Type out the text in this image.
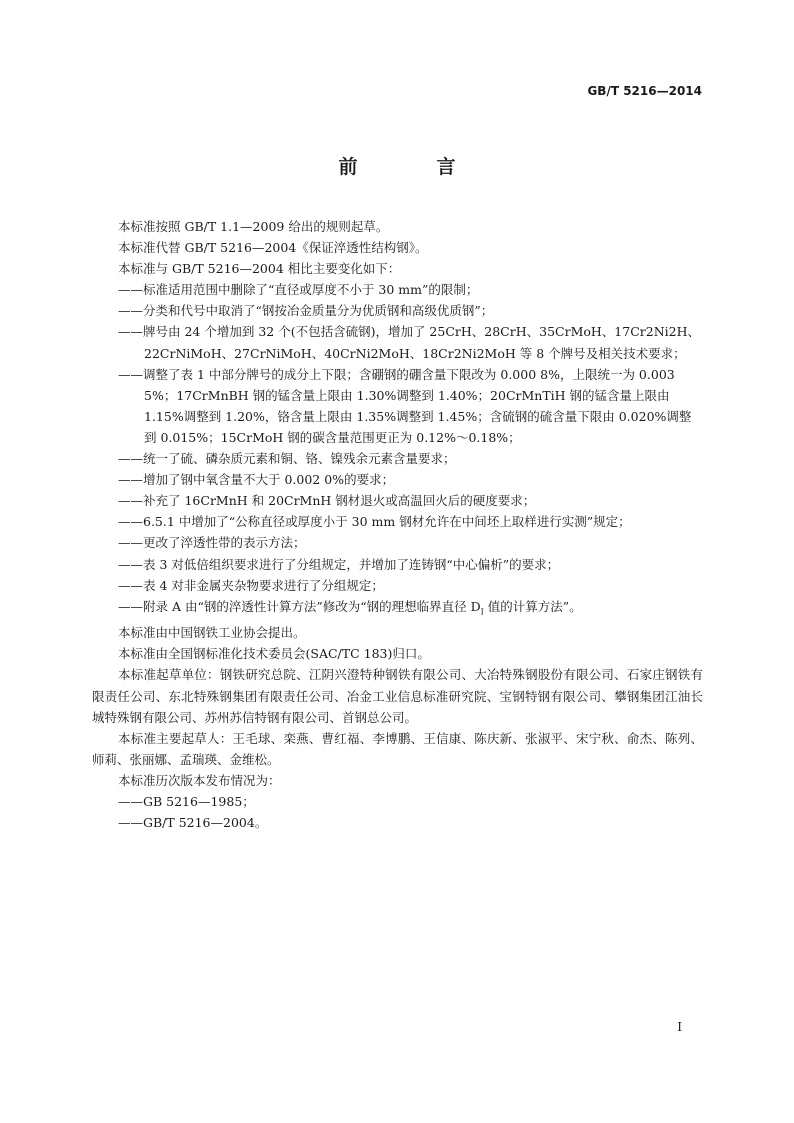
GB/T 5216—2014
前　言

本标准按照 GB/T 1.1—2009 给出的规则起草。

本标准代替 GB/T 5216—2004《保证淬透性结构钢》。

本标准与 GB/T 5216—2004 相比主要变化如下：

——标准适用范围中删除了“直径或厚度不小于 30 mm”的限制；

——分类和代号中取消了“钢按冶金质量分为优质钢和高级优质钢”；

——牌号由 24 个增加到 32 个(不包括含硫钢)，增加了 25CrH、28CrH、35CrMoH、17Cr2Ni2H、22CrNiMoH、27CrNiMoH、40CrNi2MoH、18Cr2Ni2MoH 等 8 个牌号及相关技术要求；

——调整了表 1 中部分牌号的成分上下限；含硼钢的硼含量下限改为 0.000 8%，上限统一为 0.003 5%；17CrMnBH 钢的锰含量上限由 1.30%调整到 1.40%；20CrMnTiH 钢的锰含量上限由 1.15%调整到 1.20%，铬含量上限由 1.35%调整到 1.45%；含硫钢的硫含量下限由 0.020%调整到 0.015%；15CrMoH 钢的碳含量范围更正为 0.12%～0.18%；

——统一了硫、磷杂质元素和铜、铬、镍残余元素含量要求；

——增加了钢中氧含量不大于 0.002 0%的要求；

——补充了 16CrMnH 和 20CrMnH 钢材退火或高温回火后的硬度要求；

——6.5.1 中增加了“公称直径或厚度小于 30 mm 钢材允许在中间坯上取样进行实测”规定；

——更改了淬透性带的表示方法；

——表 3 对低倍组织要求进行了分组规定，并增加了连铸钢“中心偏析”的要求；

——表 4 对非金属夹杂物要求进行了分组规定；

——附录 A 由“钢的淬透性计算方法”修改为“钢的理想临界直径 $D_I$ 值的计算方法”。

本标准由中国钢铁工业协会提出。

本标准由全国钢标准化技术委员会(SAC/TC 183)归口。

本标准起草单位：钢铁研究总院、江阴兴澄特种钢铁有限公司、大冶特殊钢股份有限公司、石家庄钢铁有限责任公司、东北特殊钢集团有限责任公司、冶金工业信息标准研究院、宝钢特钢有限公司、攀钢集团江油长城特殊钢有限公司、苏州苏信特钢有限公司、首钢总公司。

本标准主要起草人：王毛球、栾燕、曹红福、李博鹏、王信康、陈庆新、张淑平、宋宁秋、俞杰、陈列、师莉、张丽娜、孟瑞瑛、金维松。

本标准历次版本发布情况为：

——GB 5216—1985；

——GB/T 5216—2004。

I
